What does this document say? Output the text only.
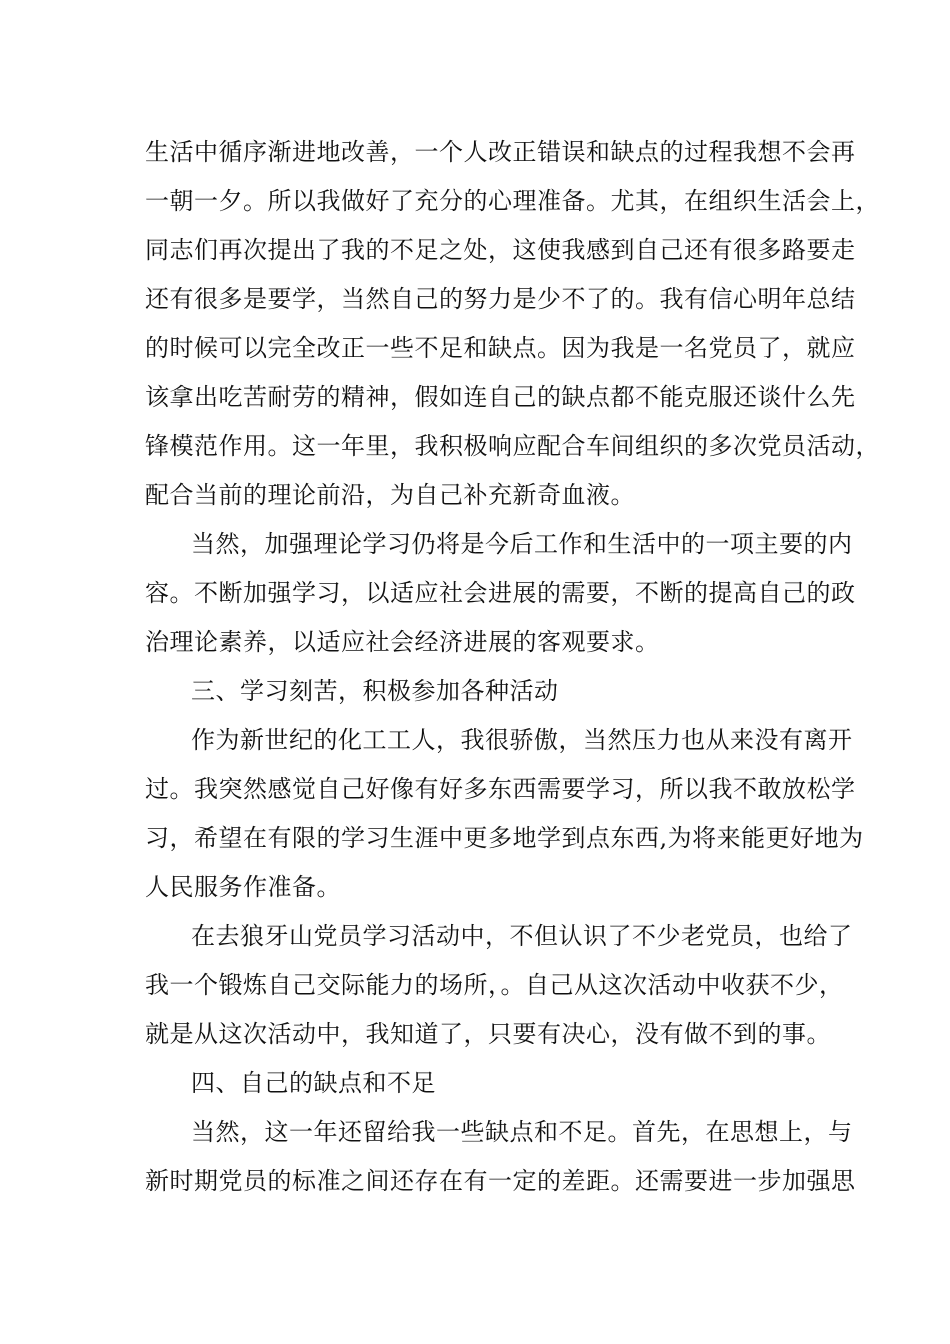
生活中循序渐进地改善，一个人改正错误和缺点的过程我想不会再
一朝一夕。所以我做好了充分的心理准备。尤其，在组织生活会上，
同志们再次提出了我的不足之处，这使我感到自己还有很多路要走
还有很多是要学，当然自己的努力是少不了的。我有信心明年总结
的时候可以完全改正一些不足和缺点。因为我是一名党员了，就应
该拿出吃苦耐劳的精神，假如连自己的缺点都不能克服还谈什么先
锋模范作用。这一年里，我积极响应配合车间组织的多次党员活动，
配合当前的理论前沿，为自己补充新奇血液。
当然，加强理论学习仍将是今后工作和生活中的一项主要的内
容。不断加强学习，以适应社会进展的需要，不断的提高自己的政
治理论素养，以适应社会经济进展的客观要求。
三、学习刻苦，积极参加各种活动
作为新世纪的化工工人，我很骄傲，当然压力也从来没有离开
过。我突然感觉自己好像有好多东西需要学习，所以我不敢放松学
习，希望在有限的学习生涯中更多地学到点东西,为将来能更好地为
人民服务作准备。
在去狼牙山党员学习活动中，不但认识了不少老党员，也给了
我一个锻炼自己交际能力的场所，。自己从这次活动中收获不少，
就是从这次活动中，我知道了，只要有决心，没有做不到的事。
四、自己的缺点和不足
当然，这一年还留给我一些缺点和不足。首先，在思想上，与
新时期党员的标准之间还存在有一定的差距。还需要进一步加强思
